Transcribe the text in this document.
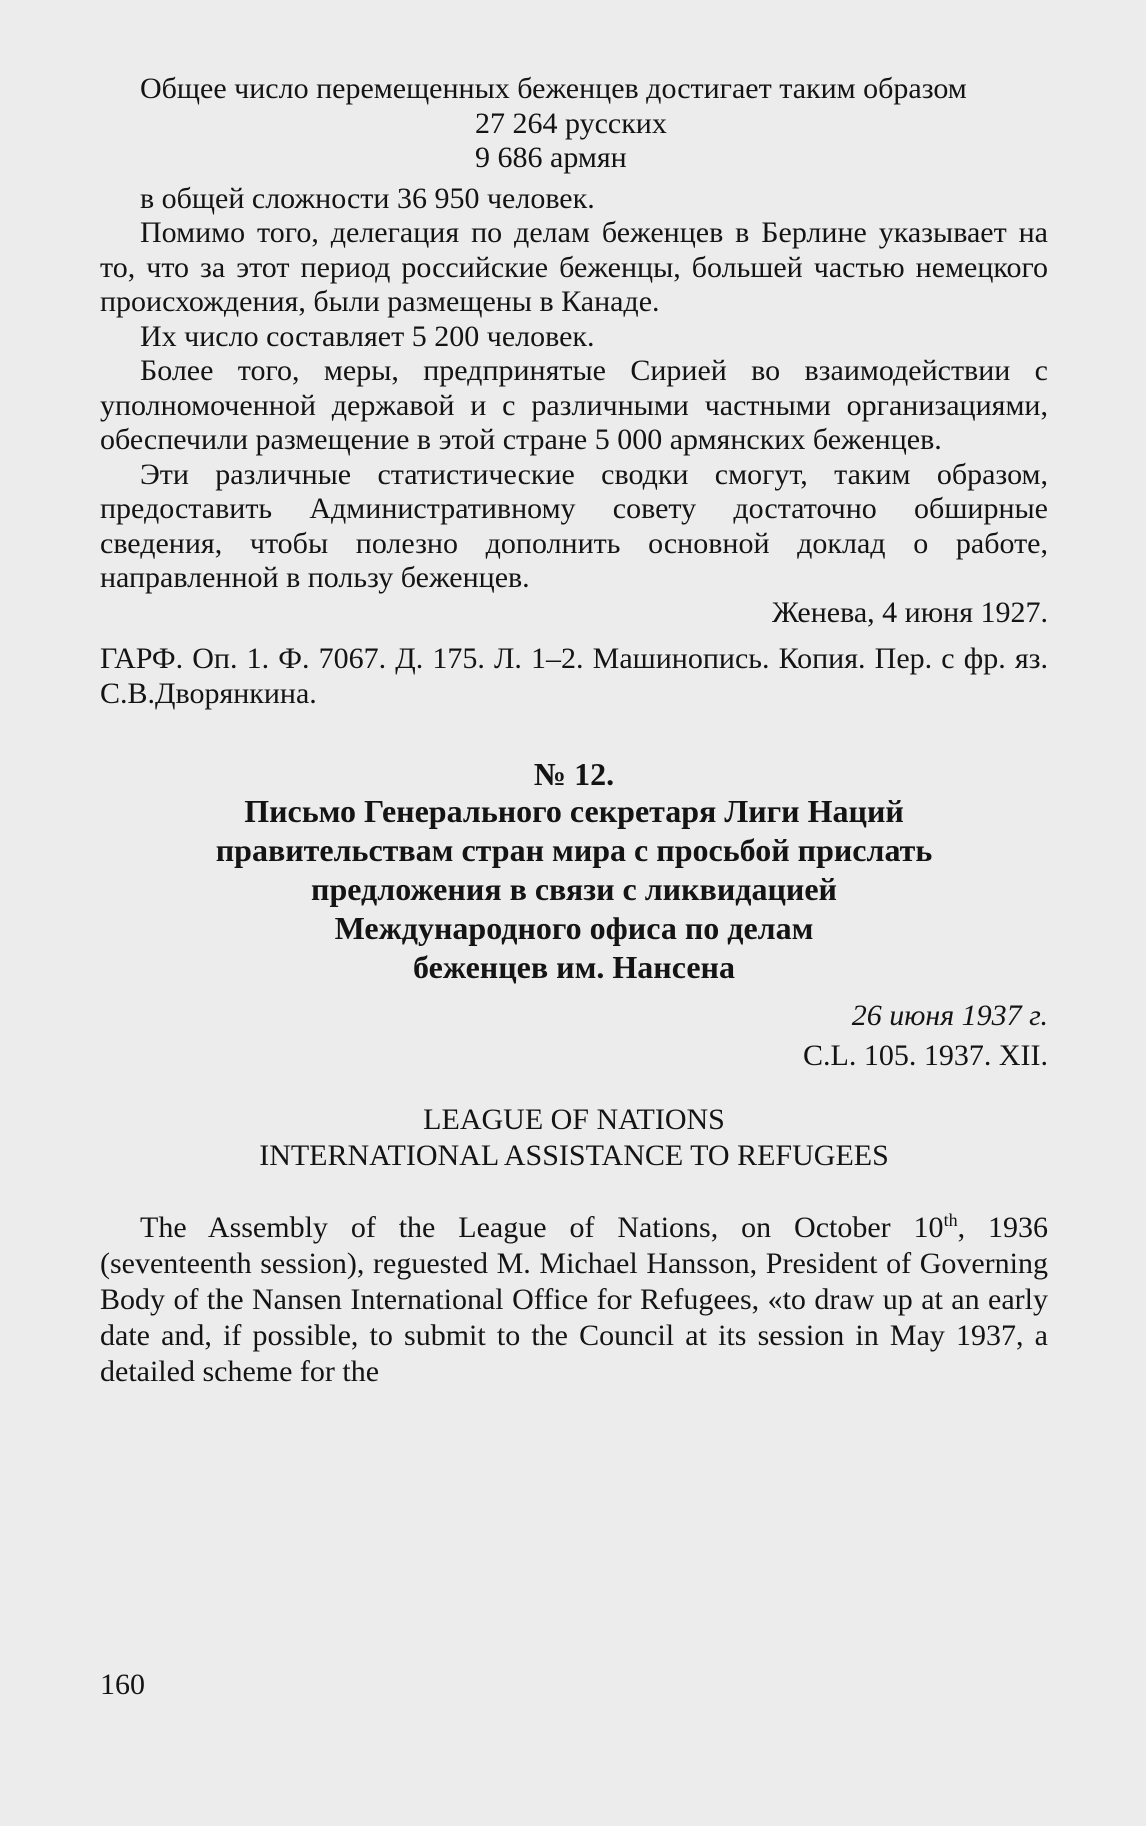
Общее число перемещенных беженцев достигает таким образом

27 264 русских
9 686 армян
в общей сложности 36 950 человек.

Помимо того, делегация по делам беженцев в Берлине указывает на то, что за этот период российские беженцы, большей частью немецкого происхождения, были размещены в Канаде.

Их число составляет 5 200 человек.

Более того, меры, предпринятые Сирией во взаимодействии с уполномоченной державой и с различными частными организациями, обеспечили размещение в этой стране 5 000 армянских беженцев.

Эти различные статистические сводки смогут, таким образом, предоставить Административному совету достаточно обширные сведения, чтобы полезно дополнить основной доклад о работе, направленной в пользу беженцев.

Женева, 4 июня 1927.

ГАРФ. Оп. 1. Ф. 7067. Д. 175. Л. 1–2. Машинопись. Копия. Пер. с фр. яз. С.В.Дворянкина.

№ 12.
Письмо Генерального секретаря Лиги Наций
правительствам стран мира с просьбой прислать
предложения в связи с ликвидацией
Международного офиса по делам
беженцев им. Нансена
26 июня 1937 г.
C.L. 105. 1937. XII.
LEAGUE OF NATIONS
INTERNATIONAL ASSISTANCE TO REFUGEES

The Assembly of the League of Nations, on October 10th, 1936 (seventeenth session), reguested M. Michael Hansson, President of Governing Body of the Nansen International Office for Refugees, «to draw up at an early date and, if possible, to submit to the Council at its session in May 1937, a detailed scheme for the

160
